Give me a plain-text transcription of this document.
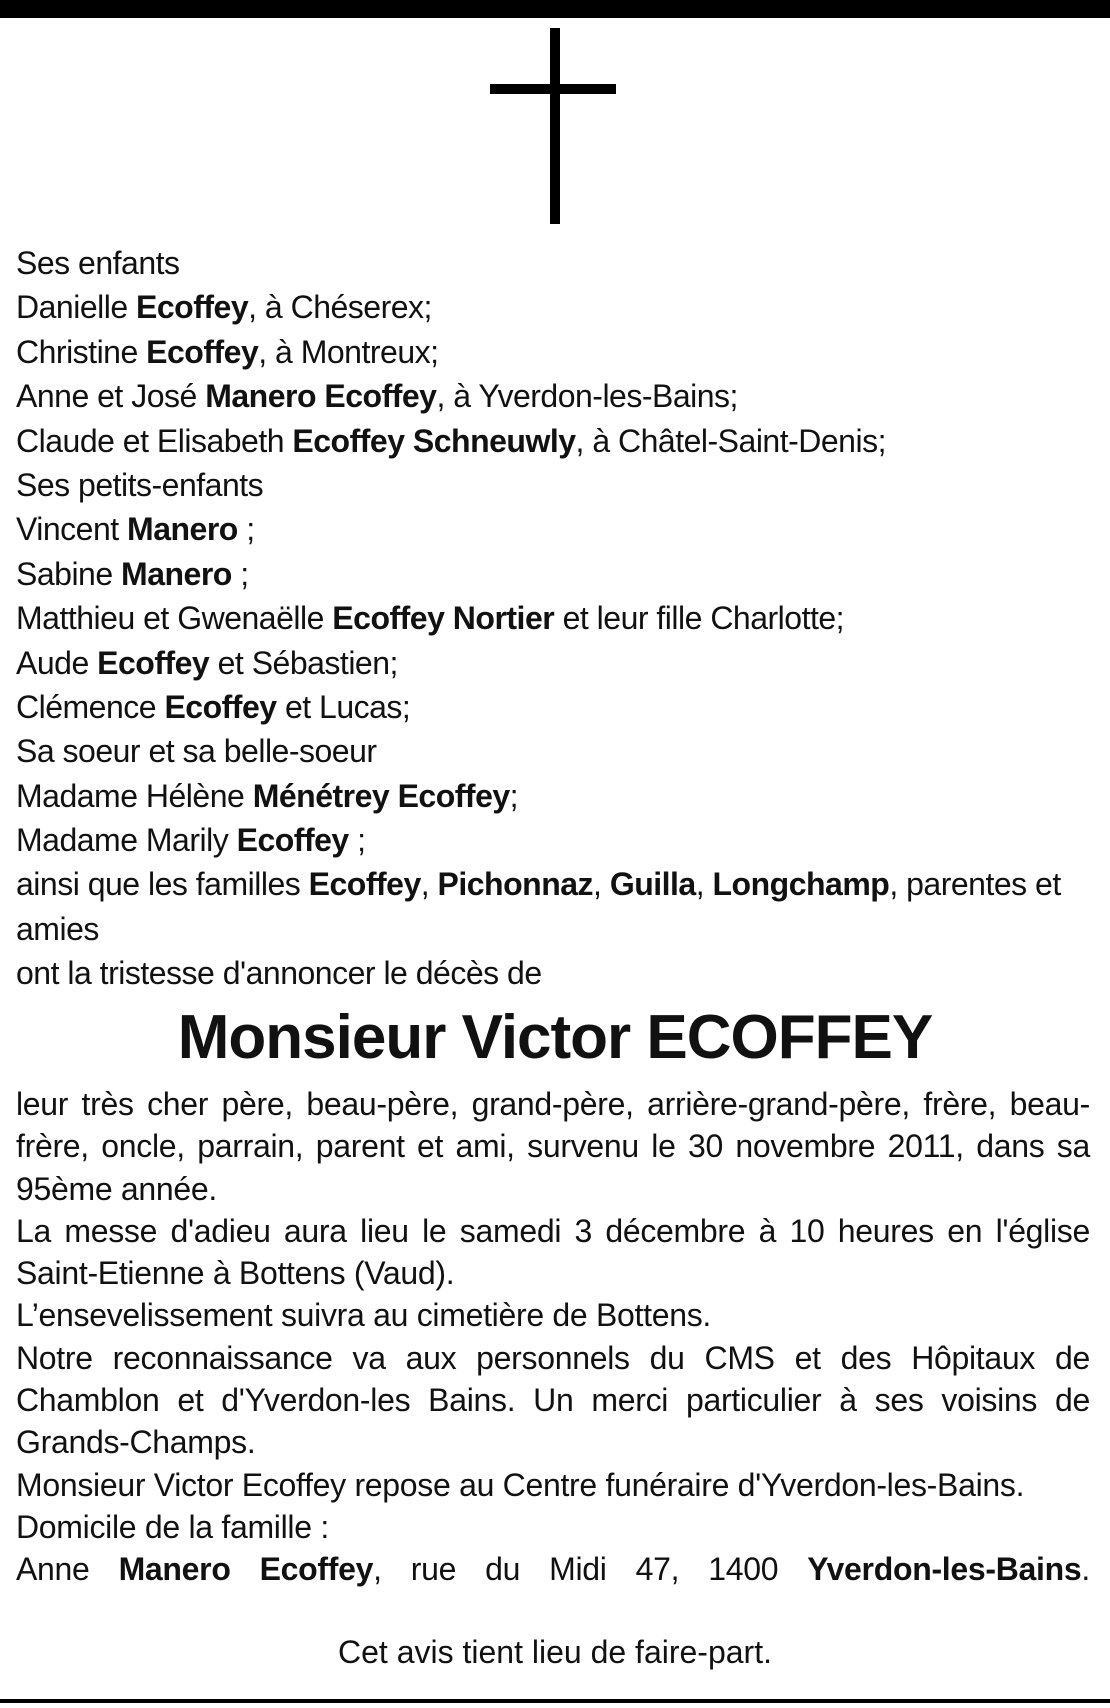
Ses enfants
Danielle Ecoffey, à Chéserex;
Christine Ecoffey, à Montreux;
Anne et José Manero Ecoffey, à Yverdon-les-Bains;
Claude et Elisabeth Ecoffey Schneuwly, à Châtel-Saint-Denis;
Ses petits-enfants
Vincent Manero ;
Sabine Manero ;
Matthieu et Gwenaëlle Ecoffey Nortier et leur fille Charlotte;
Aude Ecoffey et Sébastien;
Clémence Ecoffey et Lucas;
Sa soeur et sa belle-soeur
Madame Hélène Ménétrey Ecoffey;
Madame Marily Ecoffey ;
ainsi que les familles Ecoffey, Pichonnaz, Guilla, Longchamp, parentes et amies
ont la tristesse d'annoncer le décès de
Monsieur Victor ECOFFEY
leur très cher père, beau-père, grand-père, arrière-grand-père, frère, beau-frère, oncle, parrain, parent et ami, survenu le 30 novembre 2011, dans sa 95ème année.
La messe d'adieu aura lieu le samedi 3 décembre à 10 heures en l'église Saint-Etienne à Bottens (Vaud).
L’ensevelissement suivra au cimetière de Bottens.
Notre reconnaissance va aux personnels du CMS et des Hôpitaux de Chamblon et d'Yverdon-les Bains. Un merci particulier à ses voisins de Grands-Champs.
Monsieur Victor Ecoffey repose au Centre funéraire d'Yverdon-les-Bains.
Domicile de la famille :
Anne Manero Ecoffey, rue du Midi 47, 1400 Yverdon-les-Bains.
Cet avis tient lieu de faire-part.
